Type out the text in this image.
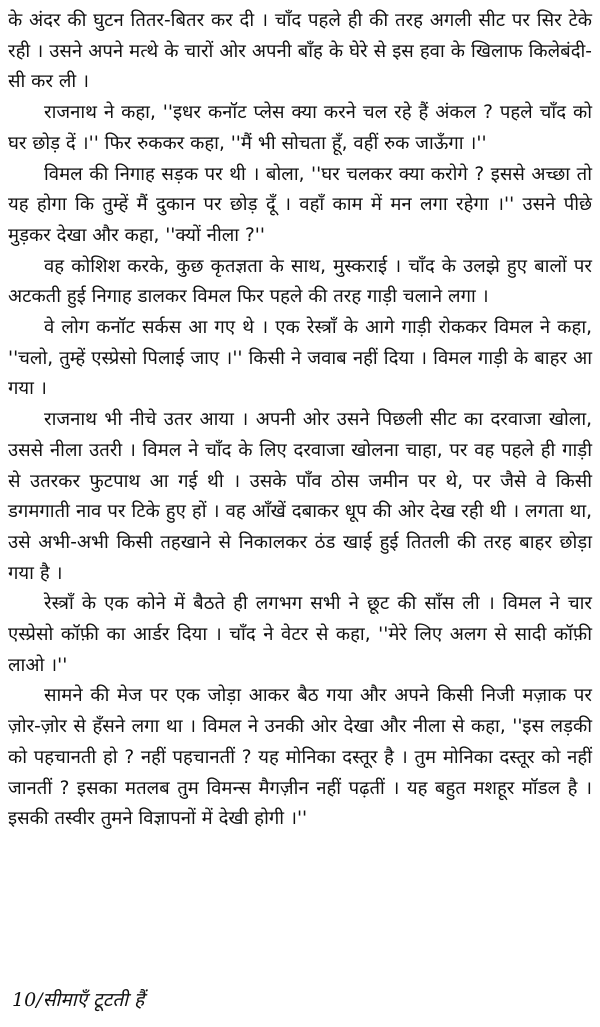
के अंदर की घुटन तितर-बितर कर दी । चाँद पहले ही की तरह अगली सीट पर सिर टेके रही । उसने अपने मत्थे के चारों ओर अपनी बाँह के घेरे से इस हवा के खिलाफ किलेबंदी-सी कर ली ।

राजनाथ ने कहा, ''इधर कनॉट प्लेस क्या करने चल रहे हैं अंकल ? पहले चाँद को घर छोड़ दें ।'' फिर रुककर कहा, ''मैं भी सोचता हूँ, वहीं रुक जाऊँगा ।''

विमल की निगाह सड़क पर थी । बोला, ''घर चलकर क्या करोगे ? इससे अच्छा तो यह होगा कि तुम्हें मैं दुकान पर छोड़ दूँ । वहाँ काम में मन लगा रहेगा ।'' उसने पीछे मुड़कर देखा और कहा, ''क्यों नीला ?''

वह कोशिश करके, कुछ कृतज्ञता के साथ, मुस्कराई । चाँद के उलझे हुए बालों पर अटकती हुई निगाह डालकर विमल फिर पहले की तरह गाड़ी चलाने लगा ।

वे लोग कनॉट सर्कस आ गए थे । एक रेस्त्राँ के आगे गाड़ी रोककर विमल ने कहा, ''चलो, तुम्हें एस्प्रेसो पिलाई जाए ।'' किसी ने जवाब नहीं दिया । विमल गाड़ी के बाहर आ गया ।

राजनाथ भी नीचे उतर आया । अपनी ओर उसने पिछली सीट का दरवाजा खोला, उससे नीला उतरी । विमल ने चाँद के लिए दरवाजा खोलना चाहा, पर वह पहले ही गाड़ी से उतरकर फुटपाथ आ गई थी । उसके पाँव ठोस जमीन पर थे, पर जैसे वे किसी डगमगाती नाव पर टिके हुए हों । वह आँखें दबाकर धूप की ओर देख रही थी । लगता था, उसे अभी-अभी किसी तहखाने से निकालकर ठंड खाई हुई तितली की तरह बाहर छोड़ा गया है ।

रेस्त्राँ के एक कोने में बैठते ही लगभग सभी ने छूट की साँस ली । विमल ने चार एस्प्रेसो कॉफ़ी का आर्डर दिया । चाँद ने वेटर से कहा, ''मेरे लिए अलग से सादी कॉफ़ी लाओ ।''

सामने की मेज पर एक जोड़ा आकर बैठ गया और अपने किसी निजी मज़ाक पर ज़ोर-ज़ोर से हँसने लगा था । विमल ने उनकी ओर देखा और नीला से कहा, ''इस लड़की को पहचानती हो ? नहीं पहचानतीं ? यह मोनिका दस्तूर है । तुम मोनिका दस्तूर को नहीं जानतीं ? इसका मतलब तुम विमन्स मैगज़ीन नहीं पढ़तीं । यह बहुत मशहूर मॉडल है । इसकी तस्वीर तुमने विज्ञापनों में देखी होगी ।''

10/सीमाएँ टूटती हैं
